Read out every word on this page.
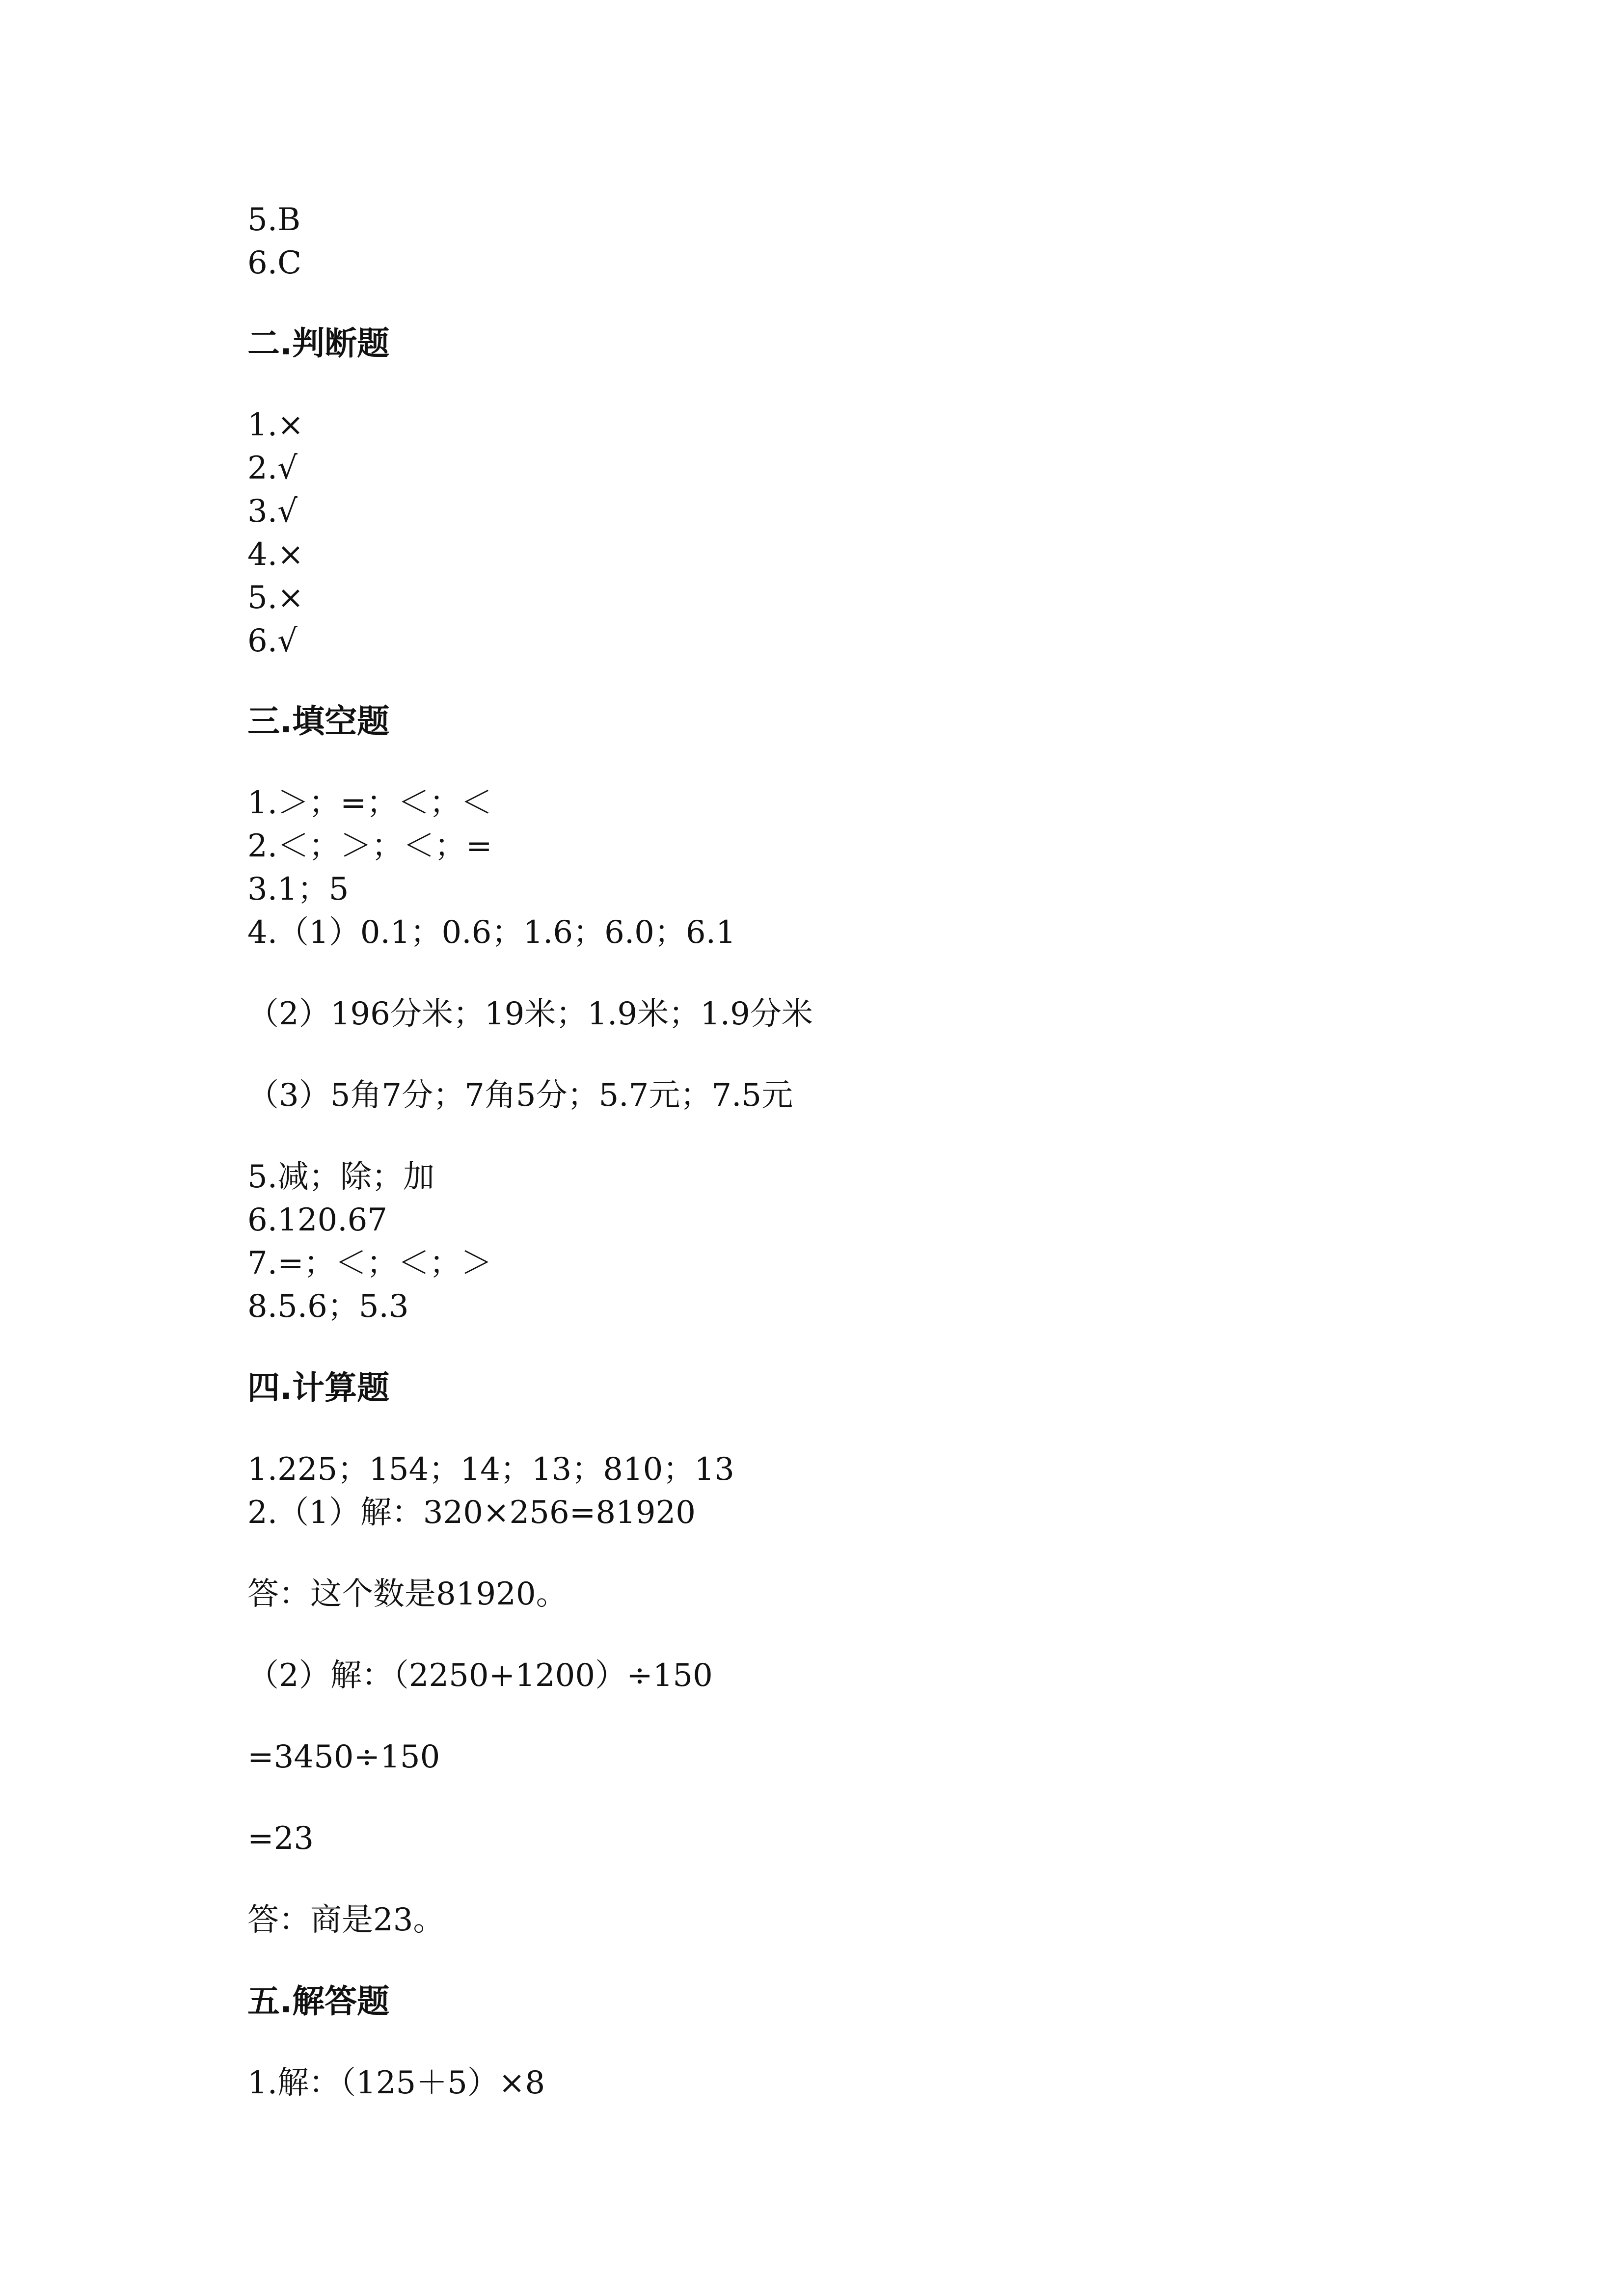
5.B

6.C

二.判断题

1.×

2.√

3.√

4.×

5.×

6.√

三.填空题

1.＞；=；＜；＜

2.＜；＞；＜；=

3.1；5

4.（1）0.1；0.6；1.6；6.0；6.1

（2）196分米；19米；1.9米；1.9分米

（3）5角7分；7角5分；5.7元；7.5元

5.减；除；加

6.120.67

7.=；＜；＜；＞

8.5.6；5.3

四.计算题

1.225；154；14；13；810；13

2.（1）解：320×256=81920

答：这个数是81920。

（2）解：（2250+1200）÷150

=3450÷150

=23

答：商是23。

五.解答题

1.解：（125＋5）×8
